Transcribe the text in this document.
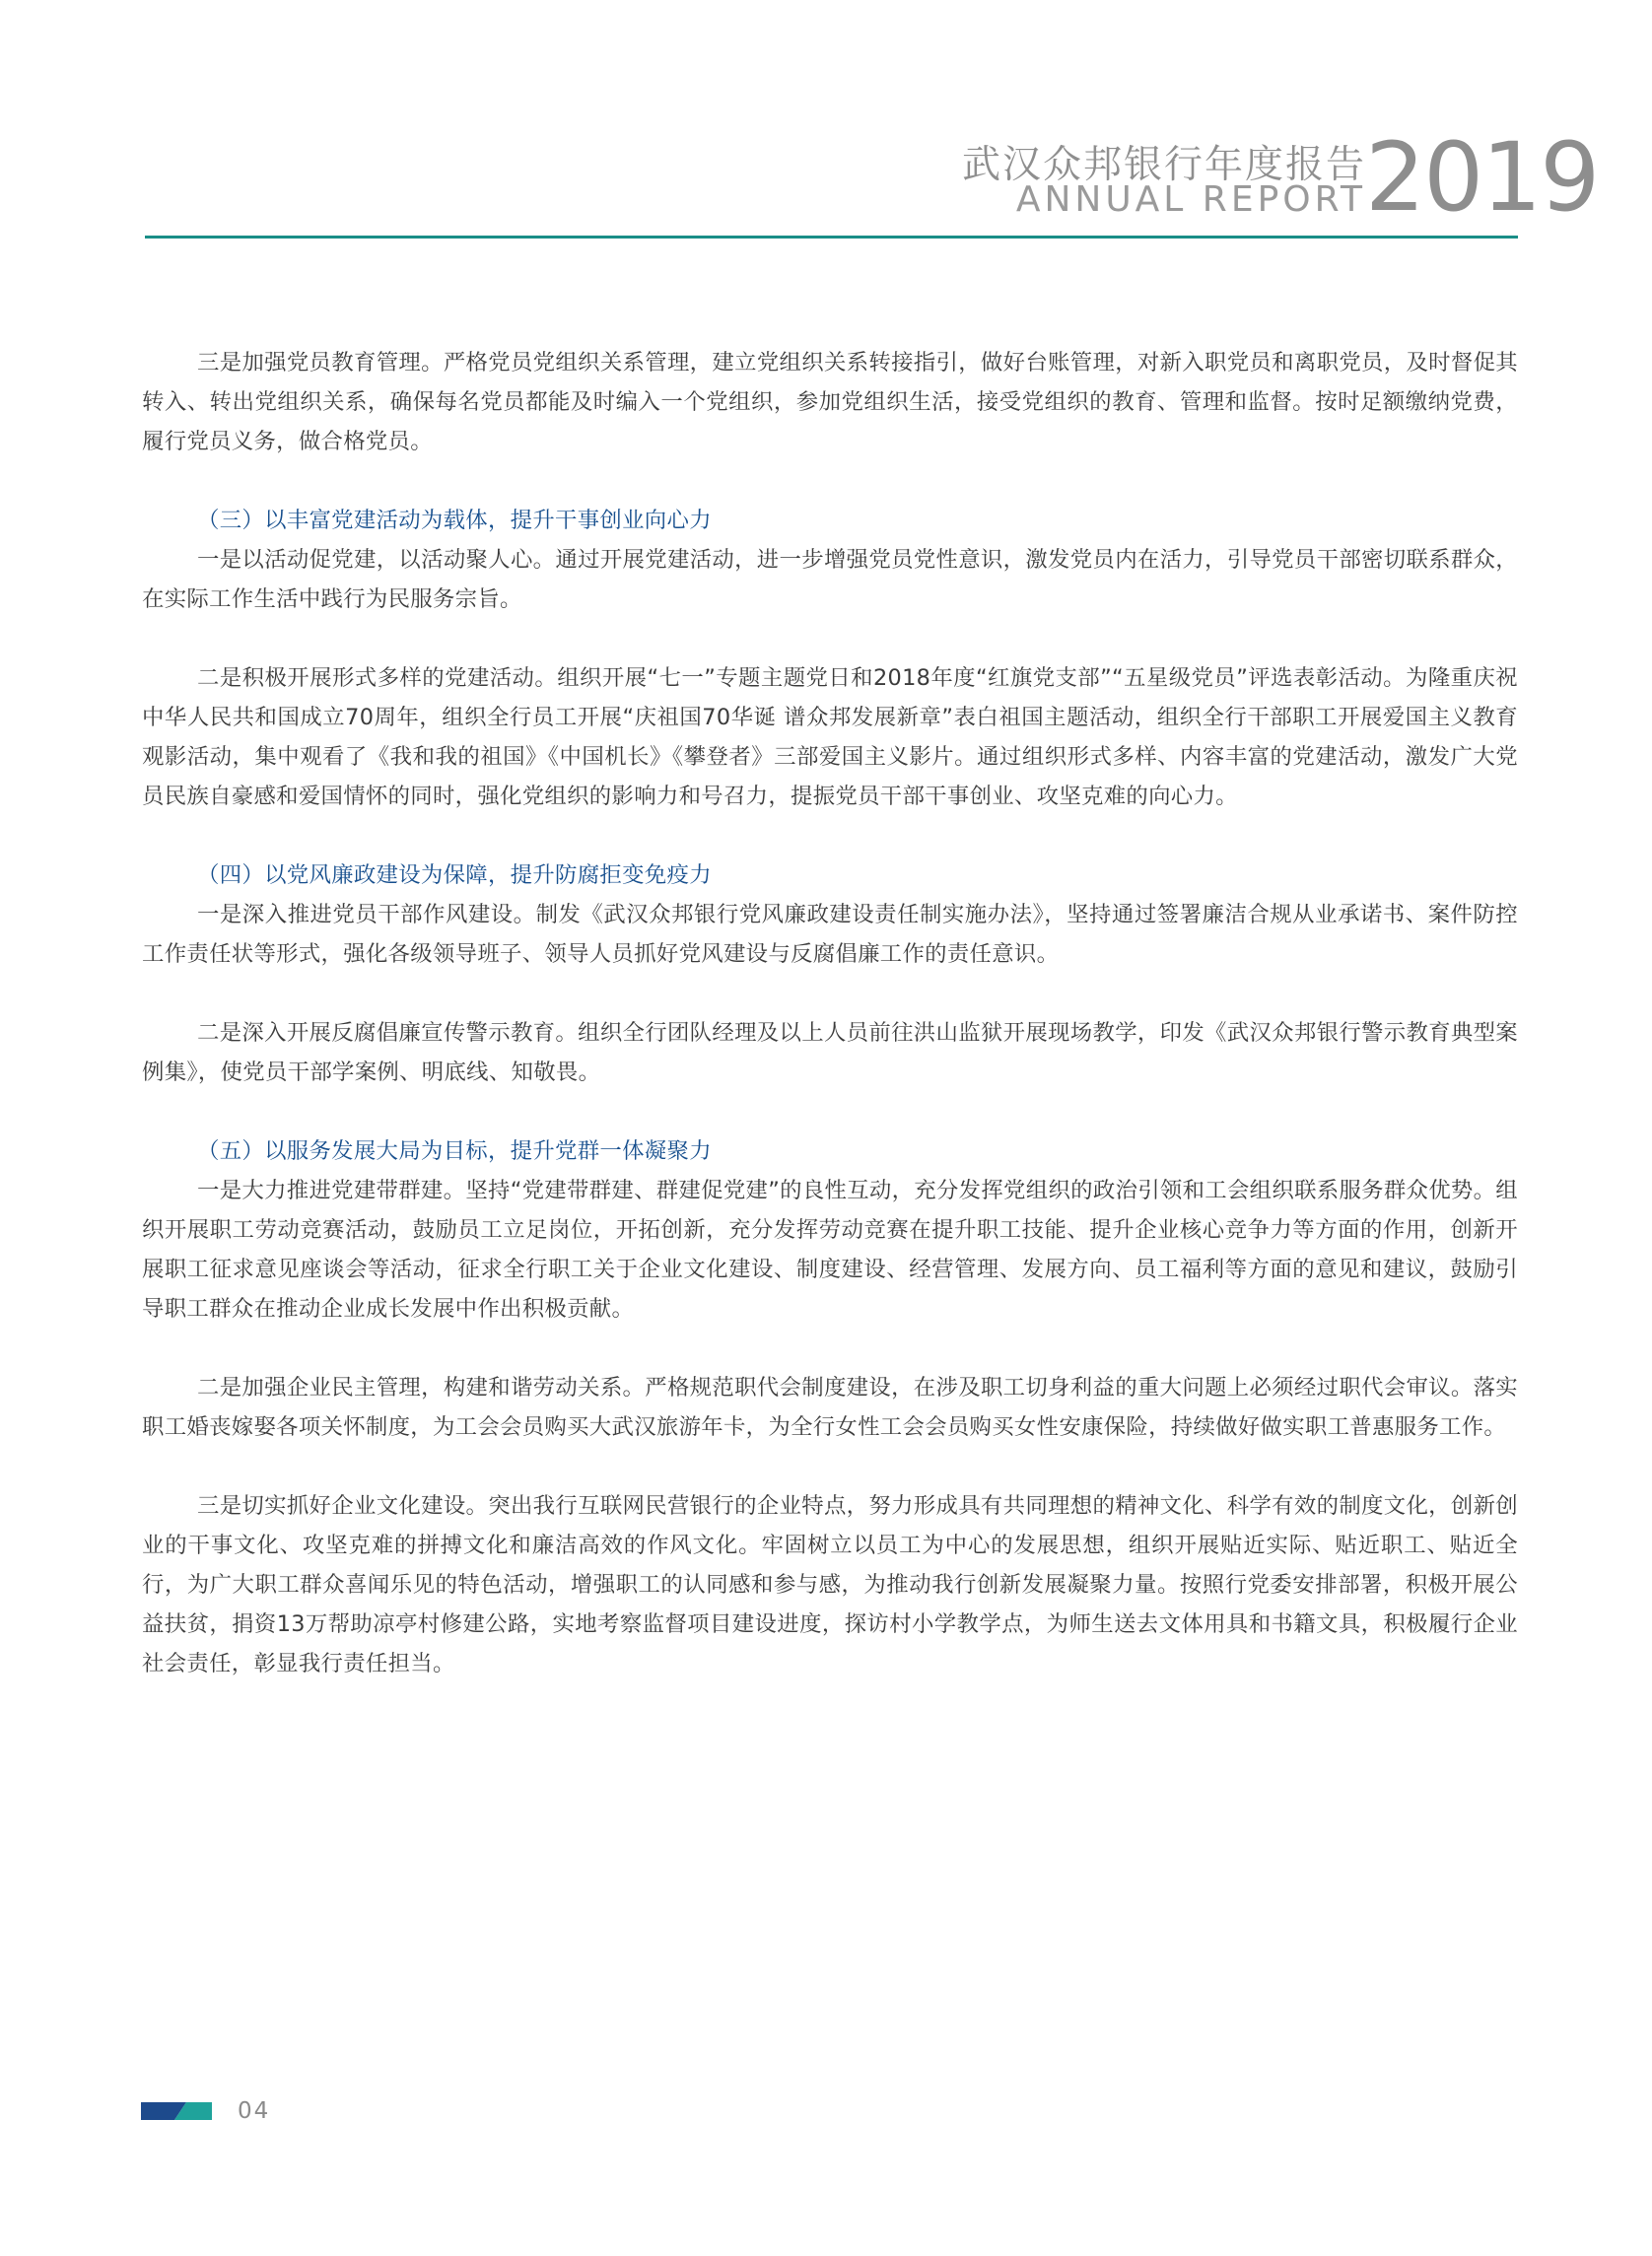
武汉众邦银行年度报告
ANNUAL REPORT 2019

三是加强党员教育管理。严格党员党组织关系管理，建立党组织关系转接指引，做好台账管理，对新入职党员和离职党员，及时督促其转入、转出党组织关系，确保每名党员都能及时编入一个党组织，参加党组织生活，接受党组织的教育、管理和监督。按时足额缴纳党费，履行党员义务，做合格党员。

（三）以丰富党建活动为载体，提升干事创业向心力

一是以活动促党建，以活动聚人心。通过开展党建活动，进一步增强党员党性意识，激发党员内在活力，引导党员干部密切联系群众，在实际工作生活中践行为民服务宗旨。

二是积极开展形式多样的党建活动。组织开展“七一”专题主题党日和2018年度“红旗党支部”“五星级党员”评选表彰活动。为隆重庆祝中华人民共和国成立70周年，组织全行员工开展“庆祖国70华诞 谱众邦发展新章”表白祖国主题活动，组织全行干部职工开展爱国主义教育观影活动，集中观看了《我和我的祖国》《中国机长》《攀登者》三部爱国主义影片。通过组织形式多样、内容丰富的党建活动，激发广大党员民族自豪感和爱国情怀的同时，强化党组织的影响力和号召力，提振党员干部干事创业、攻坚克难的向心力。

（四）以党风廉政建设为保障，提升防腐拒变免疫力

一是深入推进党员干部作风建设。制发《武汉众邦银行党风廉政建设责任制实施办法》，坚持通过签署廉洁合规从业承诺书、案件防控工作责任状等形式，强化各级领导班子、领导人员抓好党风建设与反腐倡廉工作的责任意识。

二是深入开展反腐倡廉宣传警示教育。组织全行团队经理及以上人员前往洪山监狱开展现场教学，印发《武汉众邦银行警示教育典型案例集》，使党员干部学案例、明底线、知敬畏。

（五）以服务发展大局为目标，提升党群一体凝聚力

一是大力推进党建带群建。坚持“党建带群建、群建促党建”的良性互动，充分发挥党组织的政治引领和工会组织联系服务群众优势。组织开展职工劳动竞赛活动，鼓励员工立足岗位，开拓创新，充分发挥劳动竞赛在提升职工技能、提升企业核心竞争力等方面的作用，创新开展职工征求意见座谈会等活动，征求全行职工关于企业文化建设、制度建设、经营管理、发展方向、员工福利等方面的意见和建议，鼓励引导职工群众在推动企业成长发展中作出积极贡献。

二是加强企业民主管理，构建和谐劳动关系。严格规范职代会制度建设，在涉及职工切身利益的重大问题上必须经过职代会审议。落实职工婚丧嫁娶各项关怀制度，为工会会员购买大武汉旅游年卡，为全行女性工会会员购买女性安康保险，持续做好做实职工普惠服务工作。

三是切实抓好企业文化建设。突出我行互联网民营银行的企业特点，努力形成具有共同理想的精神文化、科学有效的制度文化，创新创业的干事文化、攻坚克难的拼搏文化和廉洁高效的作风文化。牢固树立以员工为中心的发展思想，组织开展贴近实际、贴近职工、贴近全行，为广大职工群众喜闻乐见的特色活动，增强职工的认同感和参与感，为推动我行创新发展凝聚力量。按照行党委安排部署，积极开展公益扶贫，捐资13万帮助凉亭村修建公路，实地考察监督项目建设进度，探访村小学教学点，为师生送去文体用具和书籍文具，积极履行企业社会责任，彰显我行责任担当。

04
